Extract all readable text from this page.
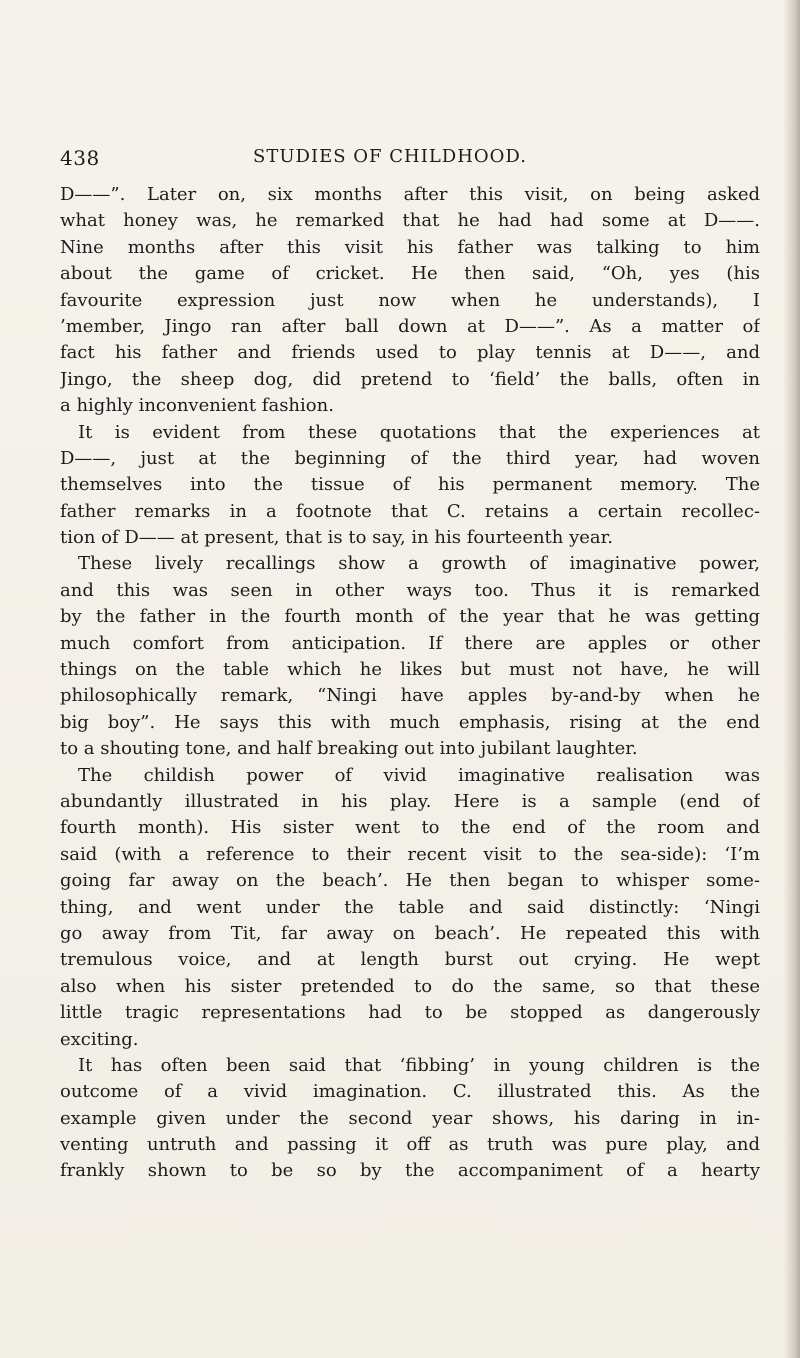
438	STUDIES OF CHILDHOOD.
D——”. Later on, six months after this visit, on being asked
what honey was, he remarked that he had had some at D——.
Nine months after this visit his father was talking to him
about the game of cricket. He then said, “Oh, yes (his
favourite expression just now when he understands), I
’member, Jingo ran after ball down at D——”. As a matter of
fact his father and friends used to play tennis at D——, and
Jingo, the sheep dog, did pretend to ‘field’ the balls, often in
a highly inconvenient fashion.
It is evident from these quotations that the experiences at
D——, just at the beginning of the third year, had woven
themselves into the tissue of his permanent memory. The
father remarks in a footnote that C. retains a certain recollec-
tion of D—— at present, that is to say, in his fourteenth year.
These lively recallings show a growth of imaginative power,
and this was seen in other ways too. Thus it is remarked
by the father in the fourth month of the year that he was getting
much comfort from anticipation. If there are apples or other
things on the table which he likes but must not have, he will
philosophically remark, “Ningi have apples by-and-by when he
big boy”. He says this with much emphasis, rising at the end
to a shouting tone, and half breaking out into jubilant laughter.
The childish power of vivid imaginative realisation was
abundantly illustrated in his play. Here is a sample (end of
fourth month). His sister went to the end of the room and
said (with a reference to their recent visit to the sea-side): ‘I’m
going far away on the beach’. He then began to whisper some-
thing, and went under the table and said distinctly: ‘Ningi
go away from Tit, far away on beach’. He repeated this with
tremulous voice, and at length burst out crying. He wept
also when his sister pretended to do the same, so that these
little tragic representations had to be stopped as dangerously
exciting.
It has often been said that ‘fibbing’ in young children is the
outcome of a vivid imagination. C. illustrated this. As the
example given under the second year shows, his daring in in-
venting untruth and passing it off as truth was pure play, and
frankly shown to be so by the accompaniment of a hearty
